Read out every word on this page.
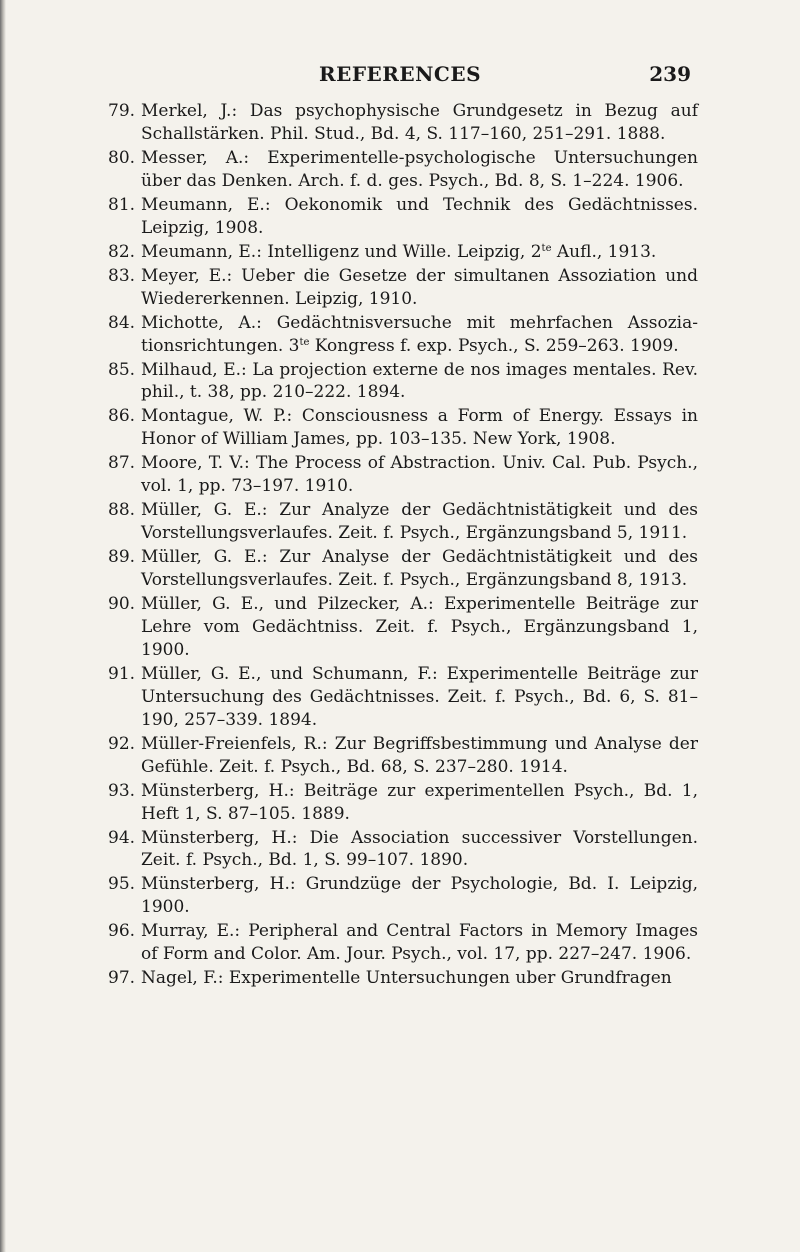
REFERENCES	239
79. Merkel, J.: Das psychophysische Grundgesetz in Bezug auf Schallstärken. Phil. Stud., Bd. 4, S. 117–160, 251–291. 1888.
80. Messer, A.: Experimentelle-psychologische Untersuchungen über das Denken. Arch. f. d. ges. Psych., Bd. 8, S. 1–224. 1906.
81. Meumann, E.: Oekonomik und Technik des Gedächtnisses. Leipzig, 1908.
82. Meumann, E.: Intelligenz und Wille. Leipzig, $2^{te}$ Aufl., 1913.
83. Meyer, E.: Ueber die Gesetze der simultanen Assoziation und Wiedererkennen. Leipzig, 1910.
84. Michotte, A.: Gedächtnisversuche mit mehrfachen Assozia-tionsrichtungen. $3^{te}$ Kongress f. exp. Psych., S. 259–263. 1909.
85. Milhaud, E.: La projection externe de nos images mentales. Rev. phil., t. 38, pp. 210–222. 1894.
86. Montague, W. P.: Consciousness a Form of Energy. Essays in Honor of William James, pp. 103–135. New York, 1908.
87. Moore, T. V.: The Process of Abstraction. Univ. Cal. Pub. Psych., vol. 1, pp. 73–197. 1910.
88. Müller, G. E.: Zur Analyze der Gedächtnistätigkeit und des Vorstellungsverlaufes. Zeit. f. Psych., Ergänzungsband 5, 1911.
89. Müller, G. E.: Zur Analyse der Gedächtnistätigkeit und des Vorstellungsverlaufes. Zeit. f. Psych., Ergänzungsband 8, 1913.
90. Müller, G. E., und Pilzecker, A.: Experimentelle Beiträge zur Lehre vom Gedächtniss. Zeit. f. Psych., Ergänzungsband 1, 1900.
91. Müller, G. E., und Schumann, F.: Experimentelle Beiträge zur Untersuchung des Gedächtnisses. Zeit. f. Psych., Bd. 6, S. 81–190, 257–339. 1894.
92. Müller-Freienfels, R.: Zur Begriffsbestimmung und Analyse der Gefühle. Zeit. f. Psych., Bd. 68, S. 237–280. 1914.
93. Münsterberg, H.: Beiträge zur experimentellen Psych., Bd. 1, Heft 1, S. 87–105. 1889.
94. Münsterberg, H.: Die Association successiver Vorstellungen. Zeit. f. Psych., Bd. 1, S. 99–107. 1890.
95. Münsterberg, H.: Grundzüge der Psychologie, Bd. I. Leipzig, 1900.
96. Murray, E.: Peripheral and Central Factors in Memory Images of Form and Color. Am. Jour. Psych., vol. 17, pp. 227–247. 1906.
97. Nagel, F.: Experimentelle Untersuchungen uber Grundfragen
